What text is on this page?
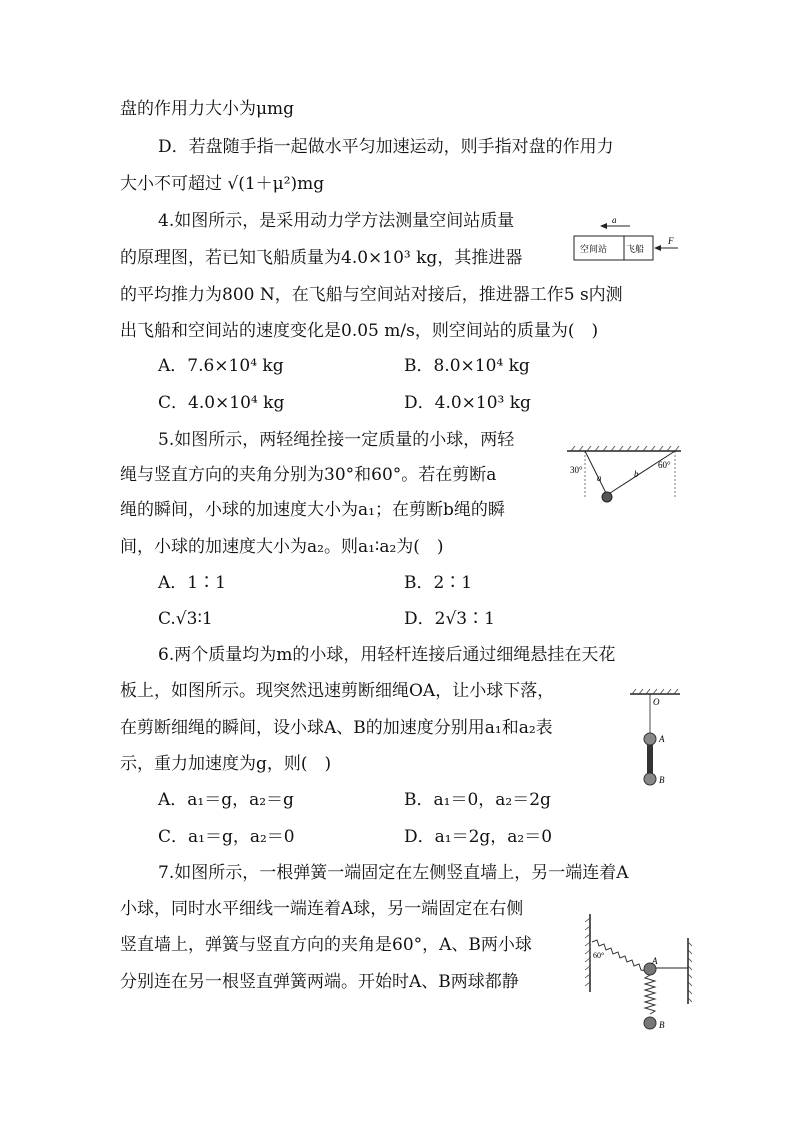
盘的作用力大小为μmg
D．若盘随手指一起做水平匀加速运动，则手指对盘的作用力
大小不可超过 √(1＋μ²)mg
4.如图所示，是采用动力学方法测量空间站质量
的原理图，若已知飞船质量为4.0×10³ kg，其推进器
的平均推力为800 N，在飞船与空间站对接后，推进器工作5 s内测
出飞船和空间站的速度变化是0.05 m/s，则空间站的质量为(　)
A．7.6×10⁴ kg	B．8.0×10⁴ kg
C．4.0×10⁴ kg	D．4.0×10³ kg
a
空间站 飞船
F
5.如图所示，两轻绳拴接一定质量的小球，两轻
绳与竖直方向的夹角分别为30°和60°。若在剪断a
绳的瞬间，小球的加速度大小为a₁；在剪断b绳的瞬
间，小球的加速度大小为a₂。则a₁∶a₂为(　)
A．1∶1	B．2∶1
C.√3∶1	D．2√3∶1
30°	60°
a	b
6.两个质量均为m的小球，用轻杆连接后通过细绳悬挂在天花
板上，如图所示。现突然迅速剪断细绳OA，让小球下落，
在剪断细绳的瞬间，设小球A、B的加速度分别用a₁和a₂表
示，重力加速度为g，则(　)
A．a₁＝g，a₂＝g	B．a₁＝0，a₂＝2g
C．a₁＝g，a₂＝0	D．a₁＝2g，a₂＝0
O
A
B
7.如图所示，一根弹簧一端固定在左侧竖直墙上，另一端连着A
小球，同时水平细线一端连着A球，另一端固定在右侧
竖直墙上，弹簧与竖直方向的夹角是60°，A、B两小球
分别连在另一根竖直弹簧两端。开始时A、B两球都静
60°
A
B
